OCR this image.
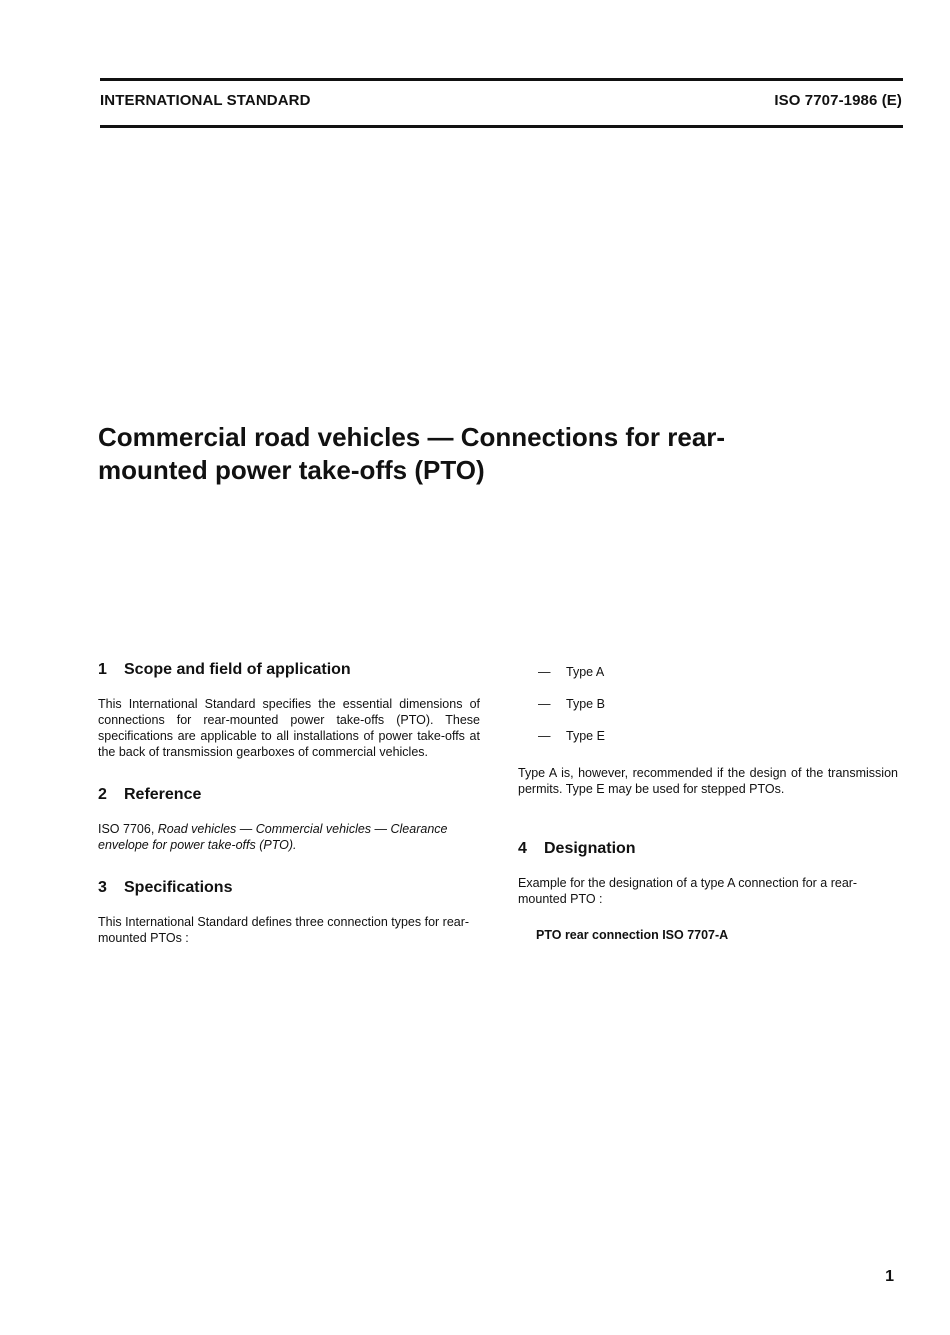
INTERNATIONAL STANDARD	ISO 7707-1986 (E)
Commercial road vehicles — Connections for rear-
mounted power take-offs (PTO)
1 Scope and field of application

This International Standard specifies the essential dimensions of connections for rear-mounted power take-offs (PTO). These specifications are applicable to all installations of power take-offs at the back of transmission gearboxes of commercial vehicles.

2 Reference

ISO 7706, Road vehicles — Commercial vehicles — Clearance envelope for power take-offs (PTO).

3 Specifications

This International Standard defines three connection types for rear-mounted PTOs :

—	Type A
—	Type B
—	Type E

Type A is, however, recommended if the design of the transmission permits. Type E may be used for stepped PTOs.

4 Designation

Example for the designation of a type A connection for a rear-mounted PTO :

PTO rear connection ISO 7707-A

1
